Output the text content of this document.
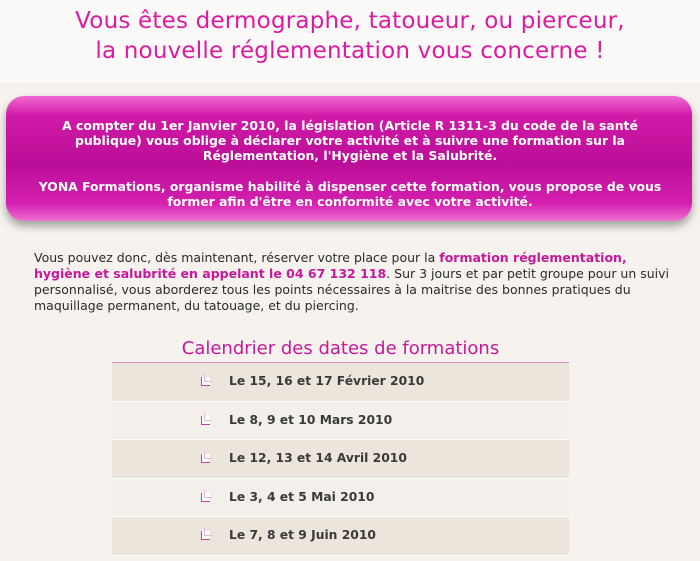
Vous êtes dermographe, tatoueur, ou pierceur,
la nouvelle réglementation vous concerne !

A compter du 1er Janvier 2010, la législation (Article R 1311-3 du code de la santé publique) vous oblige à déclarer votre activité et à suivre une formation sur la Réglementation, l'Hygiène et la Salubrité.

YONA Formations, organisme habilité à dispenser cette formation, vous propose de vous former afin d'être en conformité avec votre activité.

Vous pouvez donc, dès maintenant, réserver votre place pour la formation réglementation, hygiène et salubrité en appelant le 04 67 132 118. Sur 3 jours et par petit groupe pour un suivi personnalisé, vous aborderez tous les points nécessaires à la maitrise des bonnes pratiques du maquillage permanent, du tatouage, et du piercing.
Calendrier des dates de formations
Le 15, 16 et 17 Février 2010
Le 8, 9 et 10 Mars 2010
Le 12, 13 et 14 Avril 2010
Le 3, 4 et 5 Mai 2010
Le 7, 8 et 9 Juin 2010
